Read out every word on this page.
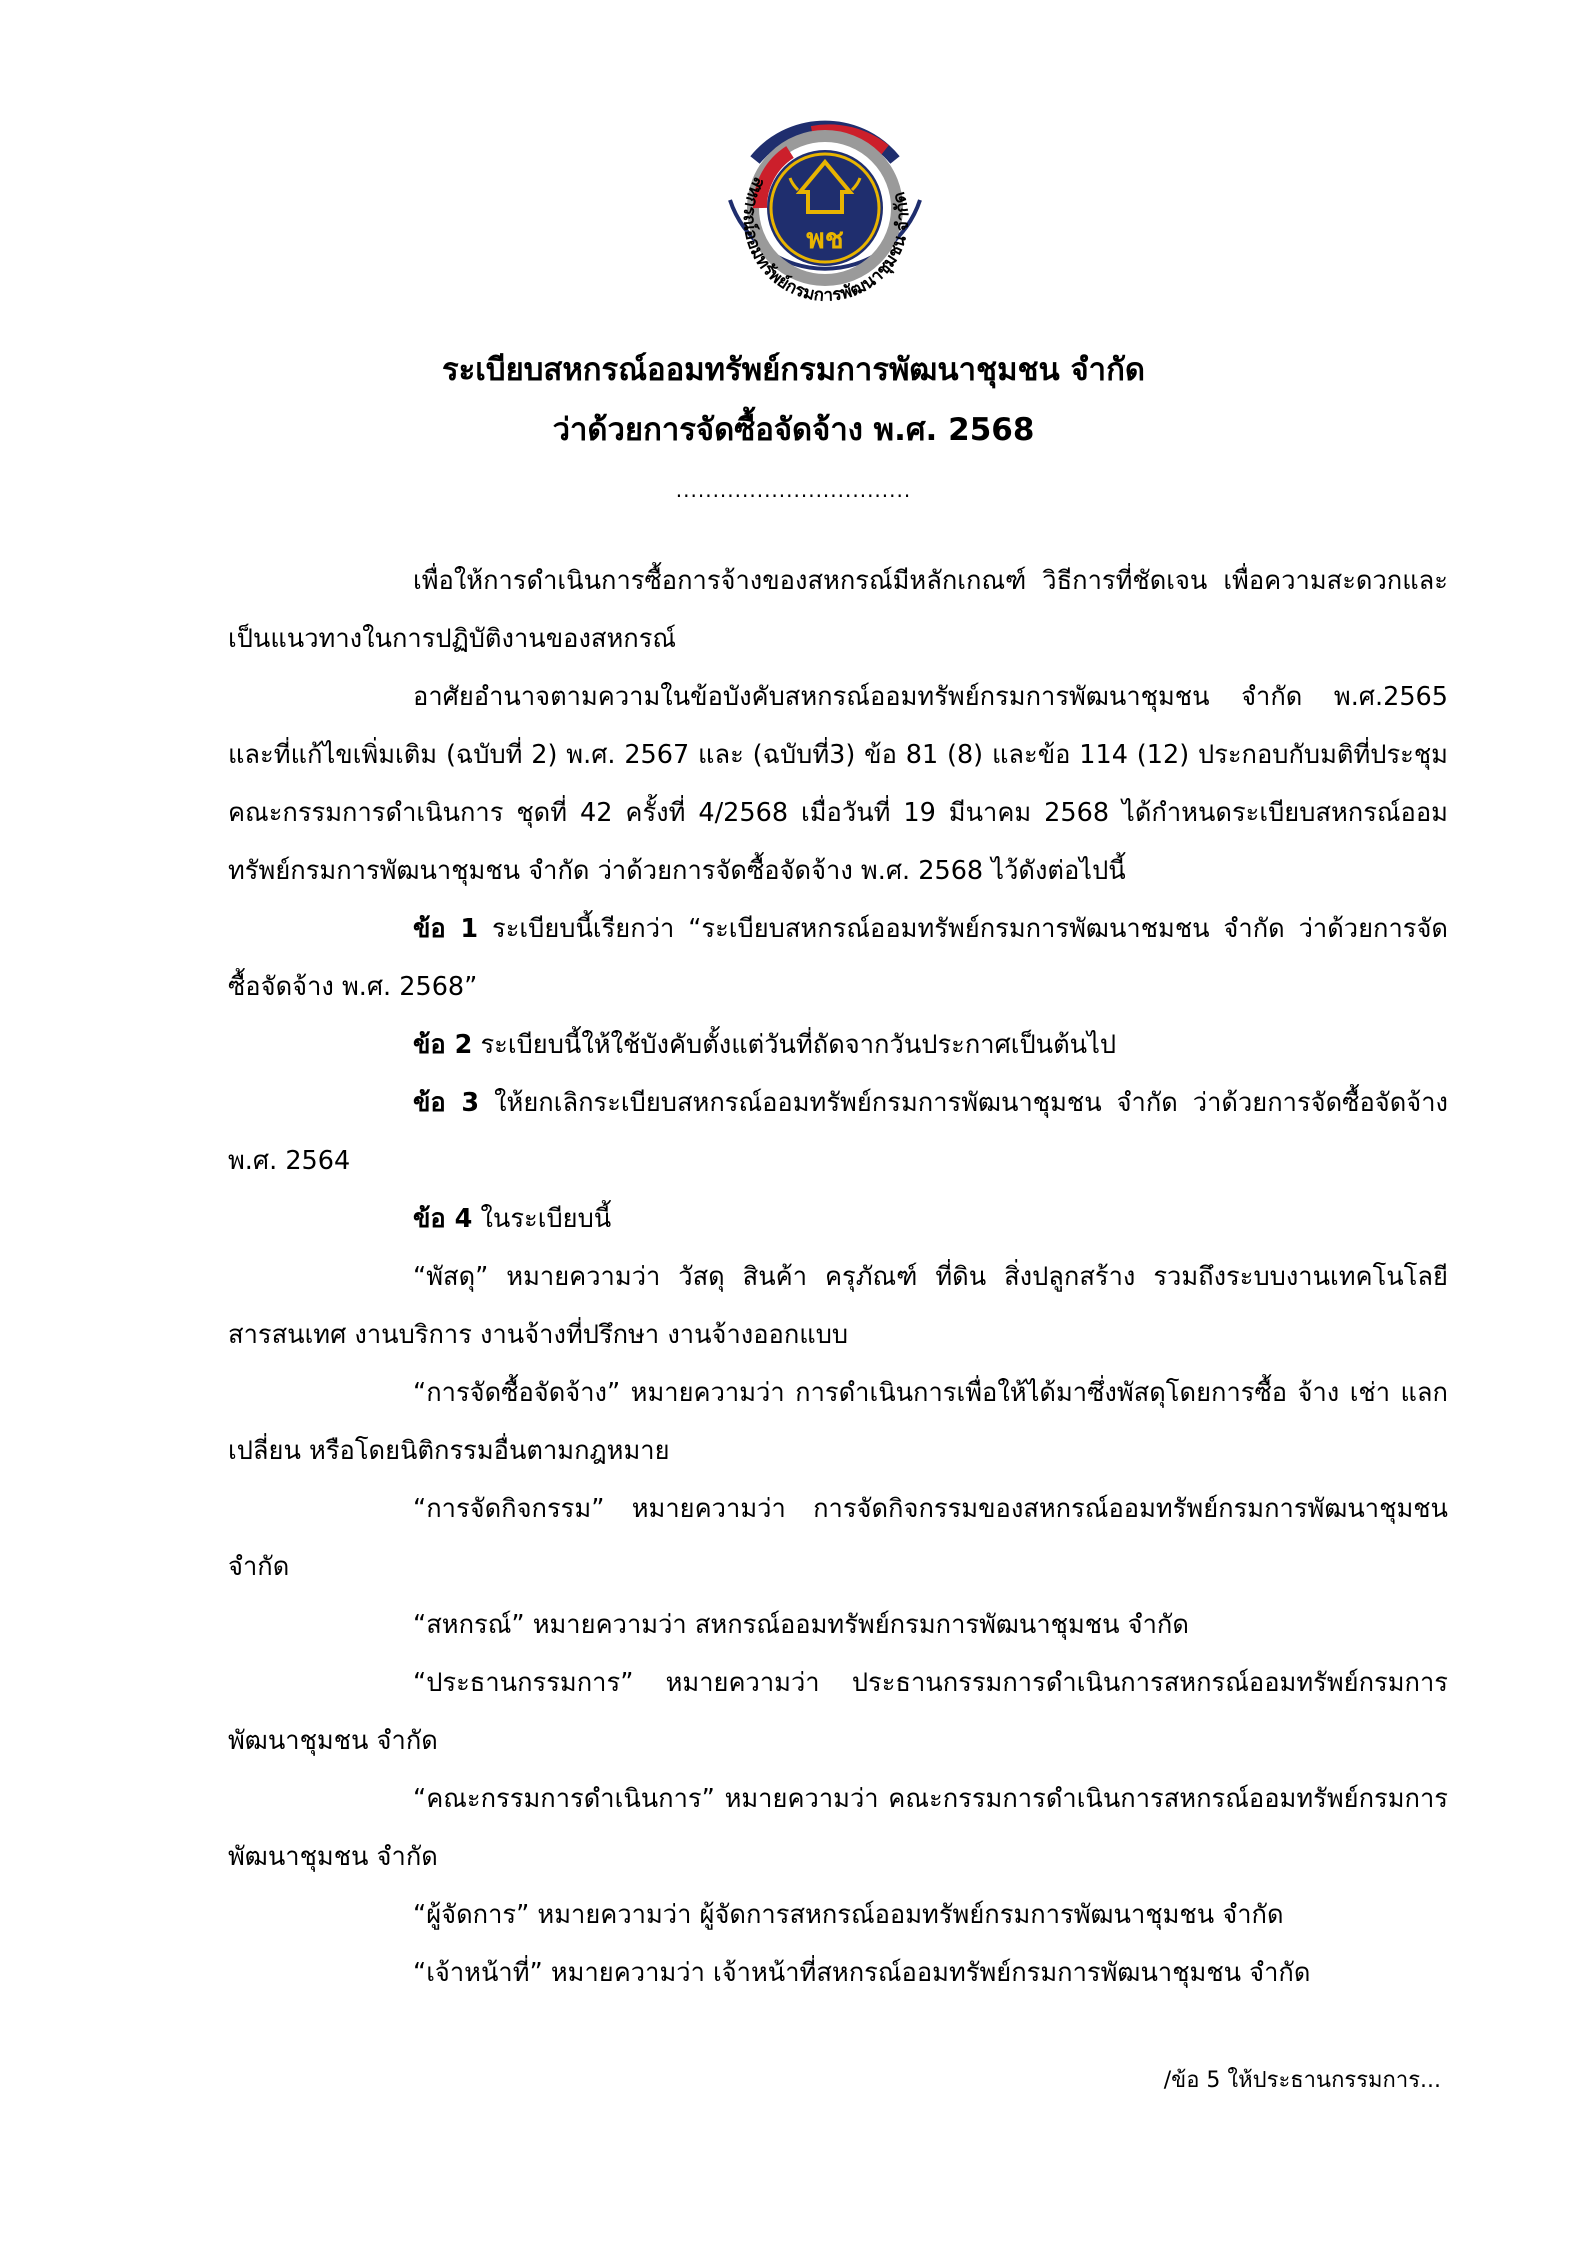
พช
สหกรณ์ออมทรัพย์กรมการพัฒนาชุมชน จำกัด
ระเบียบสหกรณ์ออมทรัพย์กรมการพัฒนาชุมชน จำกัด
ว่าด้วยการจัดซื้อจัดจ้าง พ.ศ. 2568
................................

เพื่อให้การดำเนินการซื้อการจ้างของสหกรณ์มีหลักเกณฑ์ วิธีการที่ชัดเจน เพื่อความสะดวกและเป็นแนวทางในการปฏิบัติงานของสหกรณ์

อาศัยอำนาจตามความในข้อบังคับสหกรณ์ออมทรัพย์กรมการพัฒนาชุมชน จำกัด พ.ศ.2565 และที่แก้ไขเพิ่มเติม (ฉบับที่ 2) พ.ศ. 2567 และ (ฉบับที่3) ข้อ 81 (8) และข้อ 114 (12) ประกอบกับมติที่ประชุมคณะกรรมการดำเนินการ ชุดที่ 42 ครั้งที่ 4/2568 เมื่อวันที่ 19 มีนาคม 2568 ได้กำหนดระเบียบสหกรณ์ออมทรัพย์กรมการพัฒนาชุมชน จำกัด ว่าด้วยการจัดซื้อจัดจ้าง พ.ศ. 2568 ไว้ดังต่อไปนี้

ข้อ 1 ระเบียบนี้เรียกว่า “ระเบียบสหกรณ์ออมทรัพย์กรมการพัฒนาชมชน จำกัด ว่าด้วยการจัดซื้อจัดจ้าง พ.ศ. 2568”

ข้อ 2 ระเบียบนี้ให้ใช้บังคับตั้งแต่วันที่ถัดจากวันประกาศเป็นต้นไป

ข้อ 3 ให้ยกเลิกระเบียบสหกรณ์ออมทรัพย์กรมการพัฒนาชุมชน จำกัด ว่าด้วยการจัดซื้อจัดจ้าง พ.ศ. 2564

ข้อ 4 ในระเบียบนี้

“พัสดุ” หมายความว่า วัสดุ สินค้า ครุภัณฑ์ ที่ดิน สิ่งปลูกสร้าง รวมถึงระบบงานเทคโนโลยีสารสนเทศ งานบริการ งานจ้างที่ปรึกษา งานจ้างออกแบบ

“การจัดซื้อจัดจ้าง” หมายความว่า การดำเนินการเพื่อให้ได้มาซึ่งพัสดุโดยการซื้อ จ้าง เช่า แลกเปลี่ยน หรือโดยนิติกรรมอื่นตามกฎหมาย

“การจัดกิจกรรม” หมายความว่า การจัดกิจกรรมของสหกรณ์ออมทรัพย์กรมการพัฒนาชุมชน จำกัด

“สหกรณ์” หมายความว่า สหกรณ์ออมทรัพย์กรมการพัฒนาชุมชน จำกัด

“ประธานกรรมการ” หมายความว่า ประธานกรรมการดำเนินการสหกรณ์ออมทรัพย์กรมการพัฒนาชุมชน จำกัด

“คณะกรรมการดำเนินการ” หมายความว่า คณะกรรมการดำเนินการสหกรณ์ออมทรัพย์กรมการพัฒนาชุมชน จำกัด

“ผู้จัดการ” หมายความว่า ผู้จัดการสหกรณ์ออมทรัพย์กรมการพัฒนาชุมชน จำกัด

“เจ้าหน้าที่” หมายความว่า เจ้าหน้าที่สหกรณ์ออมทรัพย์กรมการพัฒนาชุมชน จำกัด

/ข้อ 5 ให้ประธานกรรมการ...
